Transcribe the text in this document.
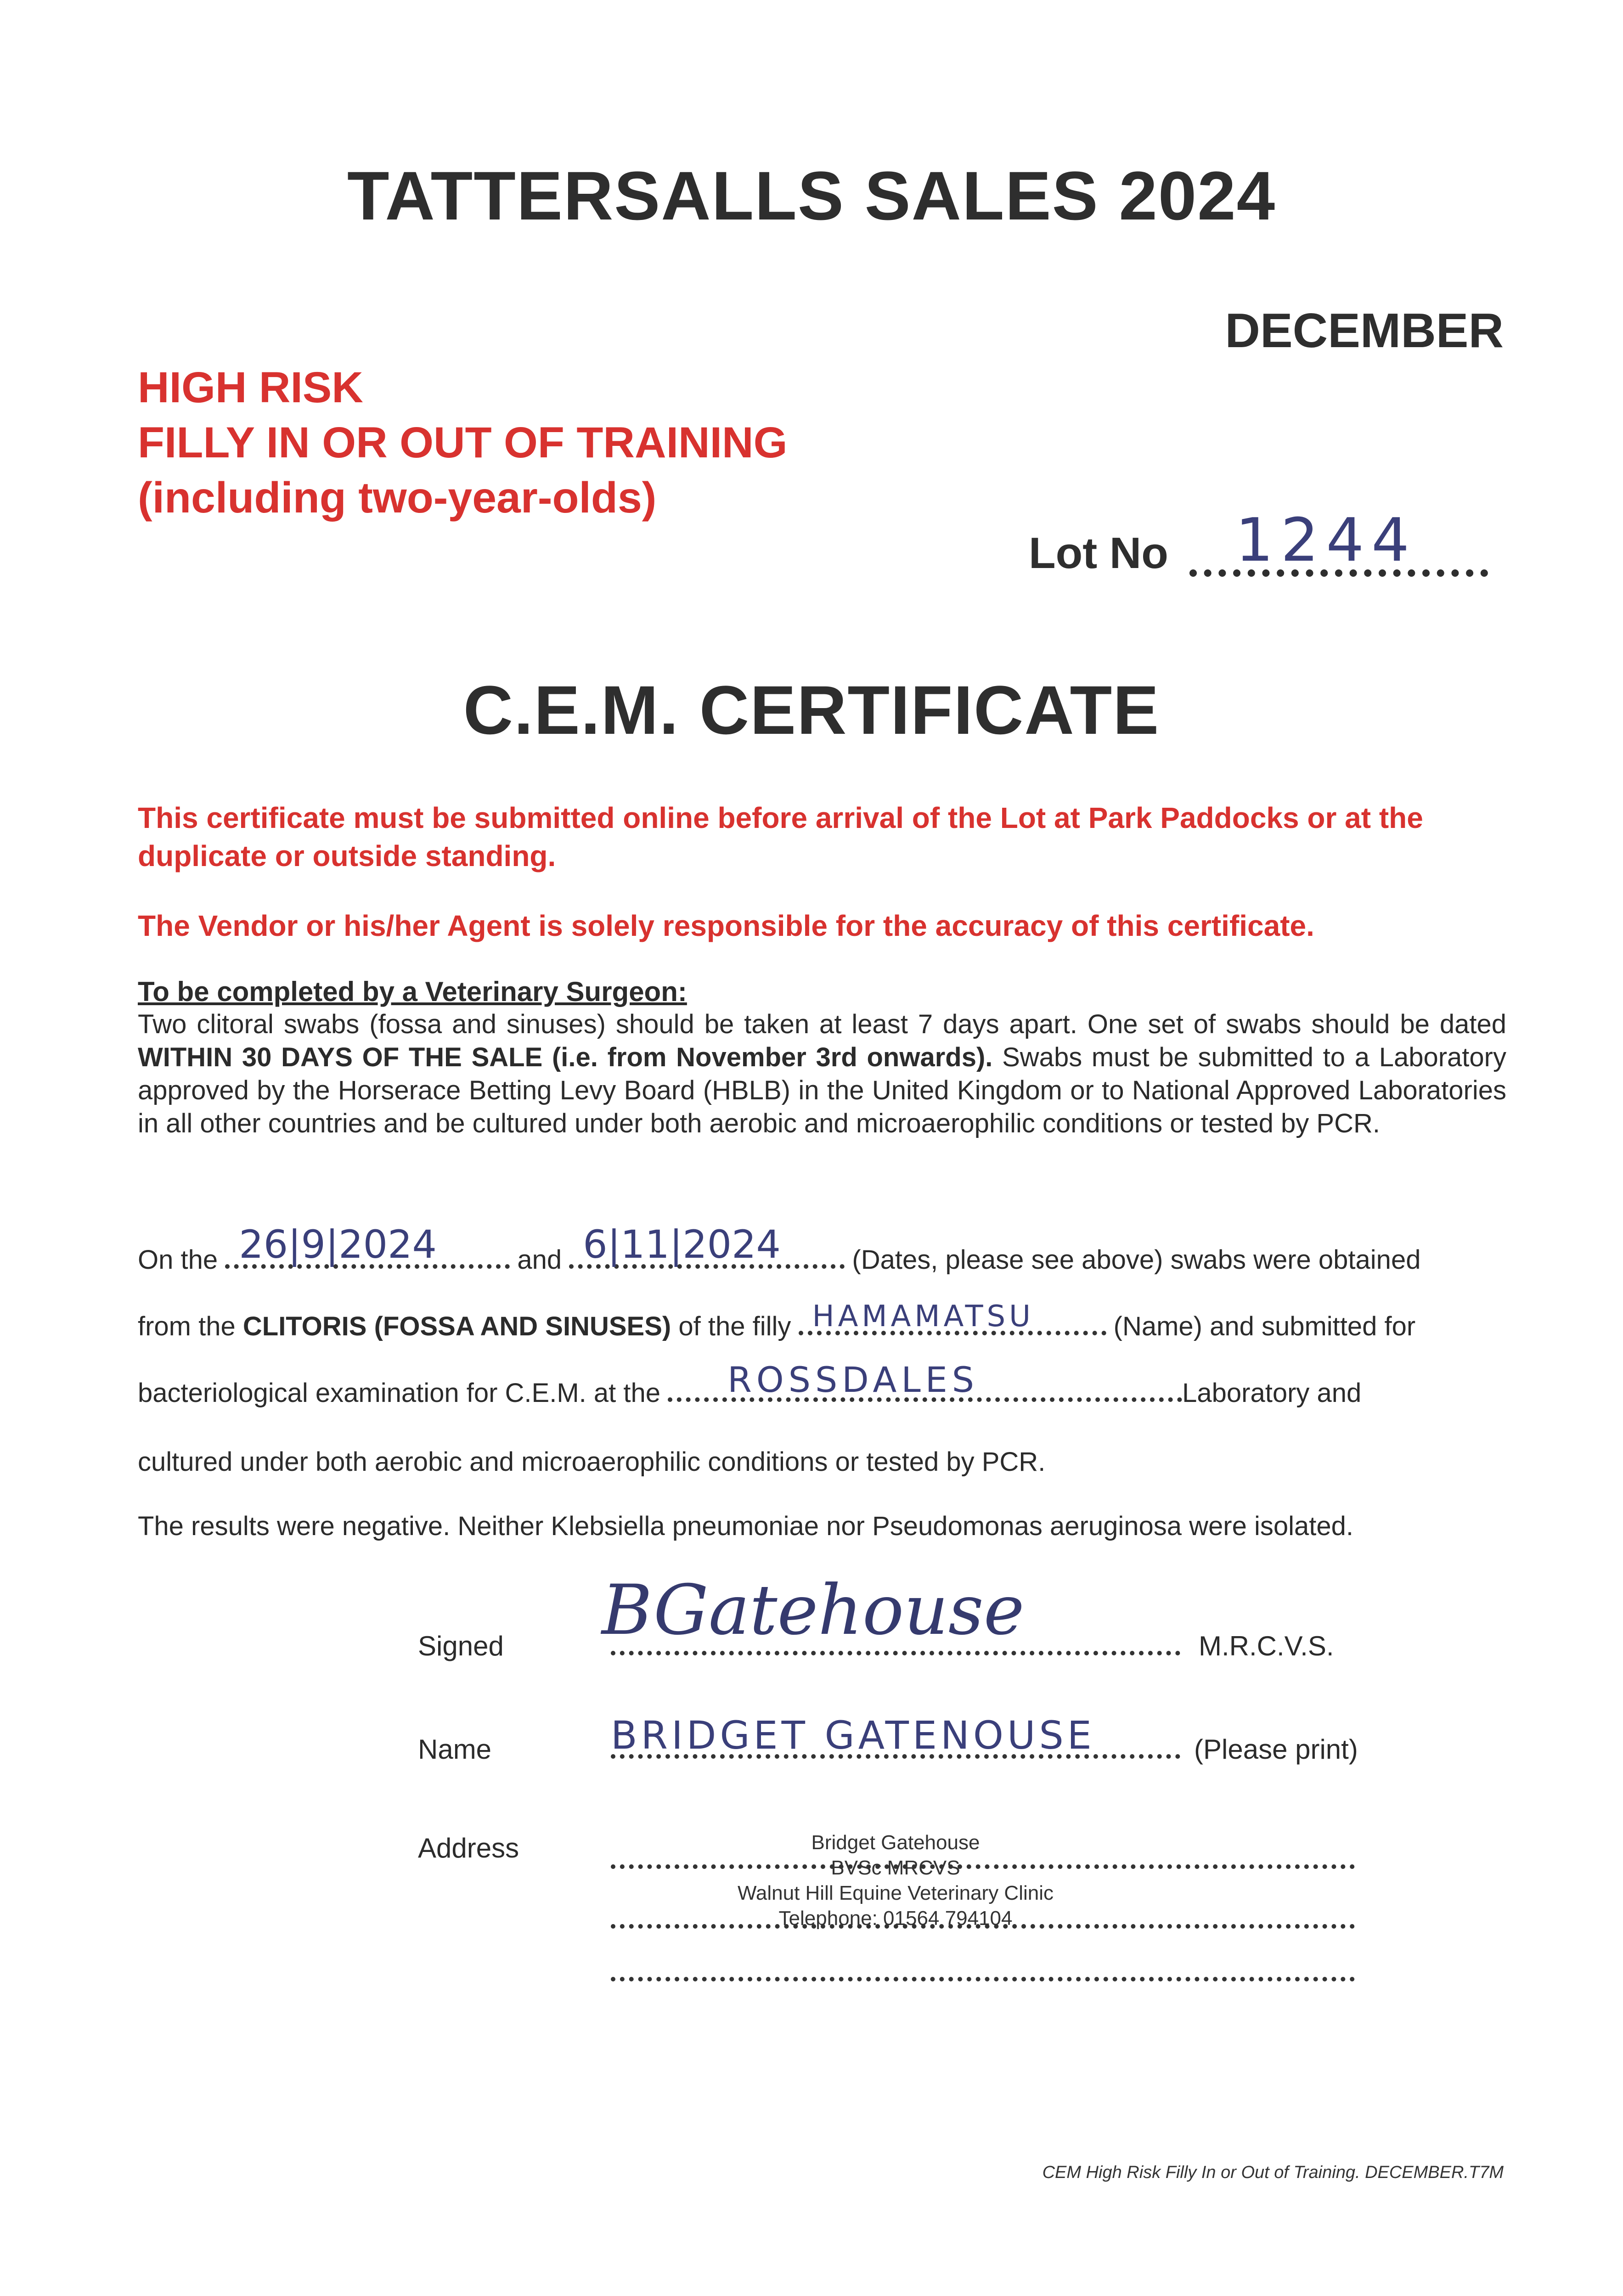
TATTERSALLS SALES 2024
DECEMBER
HIGH RISK
FILLY IN OR OUT OF TRAINING
(including two-year-olds)
Lot No 1244
C.E.M. CERTIFICATE
This certificate must be submitted online before arrival of the Lot at Park Paddocks or at the duplicate or outside standing.
The Vendor or his/her Agent is solely responsible for the accuracy of this certificate.
To be completed by a Veterinary Surgeon:
Two clitoral swabs (fossa and sinuses) should be taken at least 7 days apart. One set of swabs should be dated WITHIN 30 DAYS OF THE SALE (i.e. from November 3rd onwards). Swabs must be submitted to a Laboratory approved by the Horserace Betting Levy Board (HBLB) in the United Kingdom or to National Approved Laboratories in all other countries and be cultured under both aerobic and microaerophilic conditions or tested by PCR.
On the 26|9|2024	and 6|11|2024	(Dates, please see above) swabs were obtained
from the CLITORIS (FOSSA AND SINUSES) of the filly HAMAMATSU	(Name) and submitted for
bacteriological examination for C.E.M. at the ROSSDALES	Laboratory and
cultured under both aerobic and microaerophilic conditions or tested by PCR.
The results were negative. Neither Klebsiella pneumoniae nor Pseudomonas aeruginosa were isolated.
Signed BGatehouse	M.R.C.V.S.
Name	BRIDGET GATENOUSE	(Please print)
Address	Bridget Gatehouse
BVSc MRCVS
Walnut Hill Equine Veterinary Clinic
Telephone: 01564 794104
CEM High Risk Filly In or Out of Training. DECEMBER.T7M
